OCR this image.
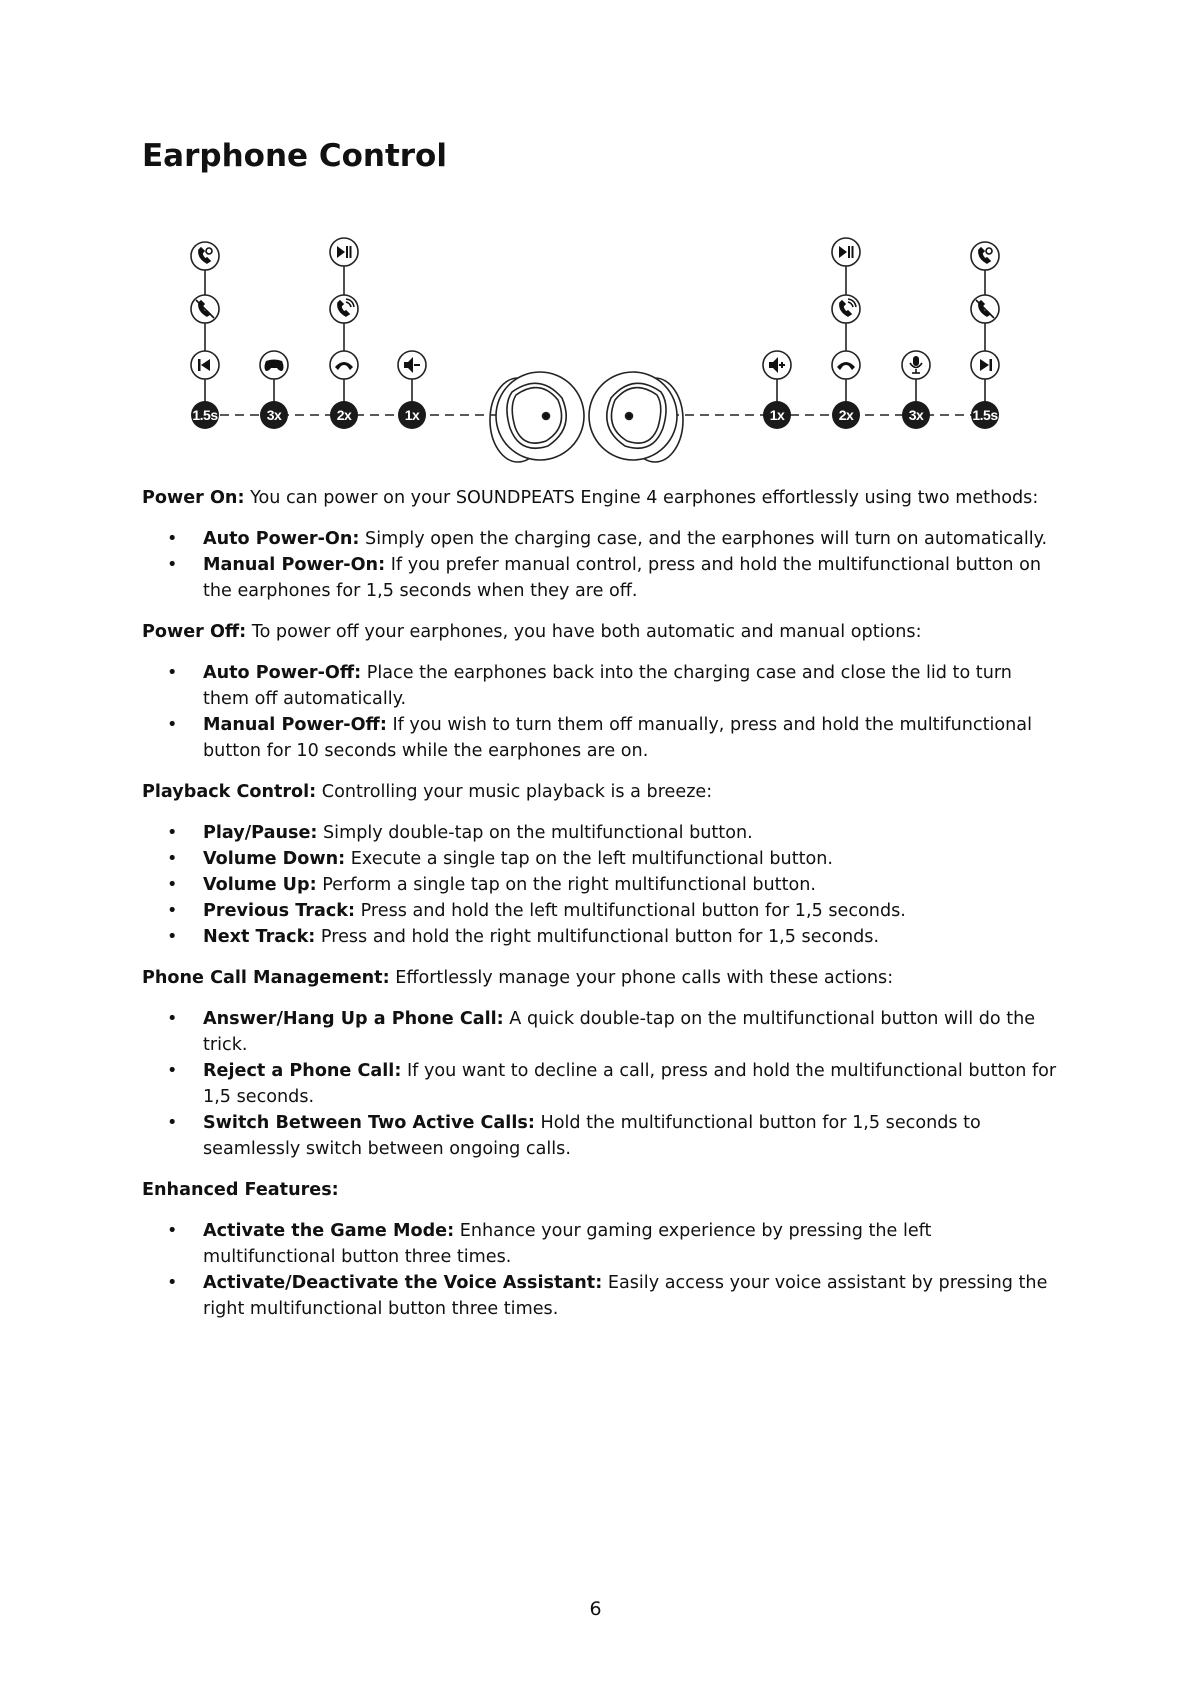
Earphone Control
1.5s	3x	2x	1x	1x	2x	3x	1.5s

Power On: You can power on your SOUNDPEATS Engine 4 earphones effortlessly using two methods:

• Auto Power-On: Simply open the charging case, and the earphones will turn on automatically.
• Manual Power-On: If you prefer manual control, press and hold the multifunctional button on the earphones for 1,5 seconds when they are off.

Power Off: To power off your earphones, you have both automatic and manual options:

• Auto Power-Off: Place the earphones back into the charging case and close the lid to turn them off automatically.
• Manual Power-Off: If you wish to turn them off manually, press and hold the multifunctional button for 10 seconds while the earphones are on.

Playback Control: Controlling your music playback is a breeze:

• Play/Pause: Simply double-tap on the multifunctional button.
• Volume Down: Execute a single tap on the left multifunctional button.
• Volume Up: Perform a single tap on the right multifunctional button.
• Previous Track: Press and hold the left multifunctional button for 1,5 seconds.
• Next Track: Press and hold the right multifunctional button for 1,5 seconds.

Phone Call Management: Effortlessly manage your phone calls with these actions:

• Answer/Hang Up a Phone Call: A quick double-tap on the multifunctional button will do the trick.
• Reject a Phone Call: If you want to decline a call, press and hold the multifunctional button for 1,5 seconds.
• Switch Between Two Active Calls: Hold the multifunctional button for 1,5 seconds to seamlessly switch between ongoing calls.

Enhanced Features:

• Activate the Game Mode: Enhance your gaming experience by pressing the left multifunctional button three times.
• Activate/Deactivate the Voice Assistant: Easily access your voice assistant by pressing the right multifunctional button three times.
6
